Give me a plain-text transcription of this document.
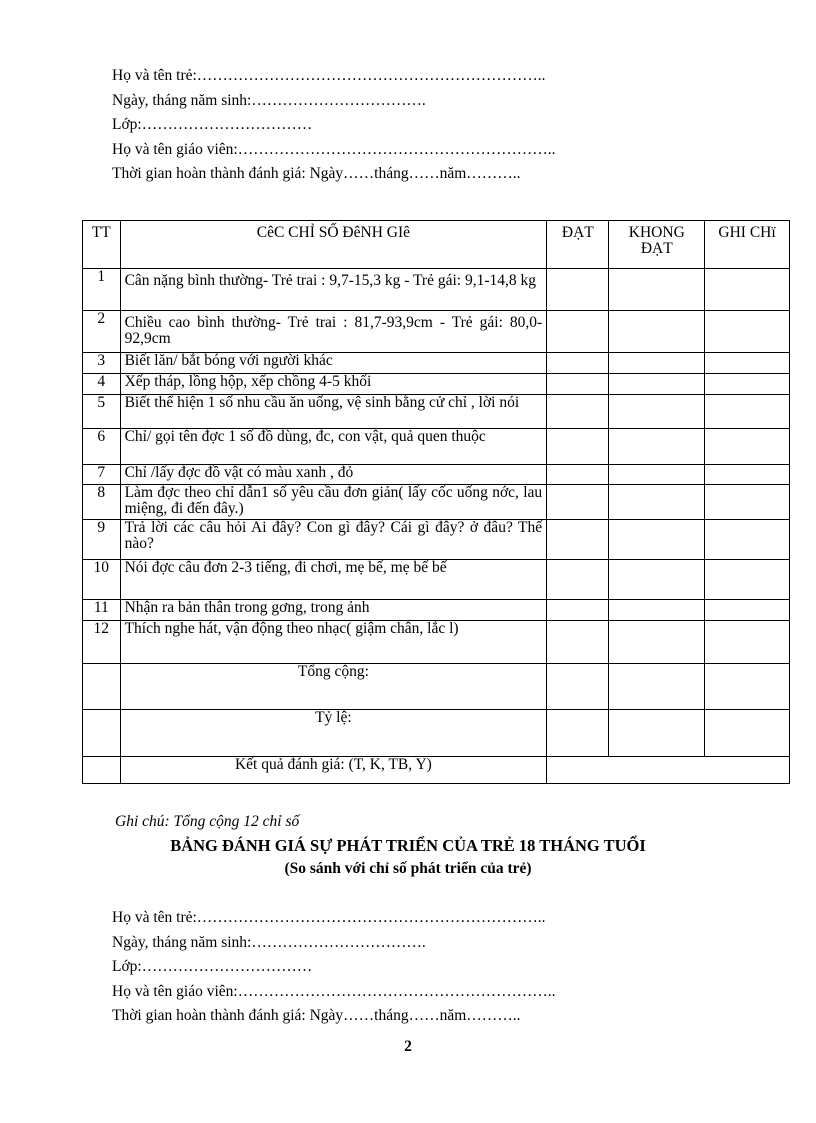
Họ và tên trẻ:…………………………………………………………..
Ngày, tháng năm sinh:…………………………….
Lớp:……………………………
Họ và tên giáo viên:……………………………………………………..
Thời gian hoàn thành đánh giá: Ngày……tháng……năm………..
TT	CêC CHỈ SỐ ĐêNH GIê	ĐẠT	KHONG ĐẠT	GHI CHï
1	Cân nặng bình thường- Trẻ trai : 9,7-15,3 kg - Trẻ gái: 9,1-14,8 kg			
2	Chiều cao bình thường- Trẻ trai : 81,7-93,9cm - Trẻ gái: 80,0-92,9cm			
3	Biết lăn/ bắt bóng với người khác			
4	Xếp tháp, lồng hộp, xếp chồng 4-5 khối			
5	Biết thể hiện 1 số nhu cầu ăn uống, vệ sinh bằng cử chỉ , lời nói			
6	Chỉ/ gọi tên đợc 1 số đồ dùng, đc, con vật, quả quen thuộc			
7	Chỉ /lấy đợc đồ vật có màu xanh , đỏ			
8	Làm đợc theo chỉ dẫn1 số yêu cầu đơn giản( lấy cốc uống nớc, lau miệng, đi đến đây.)			
9	Trả lời các câu hỏi Ai đây? Con gì đây? Cái gì đây? ở đâu? Thế nào?			
10	Nói đợc câu đơn 2-3 tiếng, đi chơi, mẹ bế, mẹ bế bế			
11	Nhận ra bản thân trong gơng, trong ảnh			
12	Thích nghe hát, vận động theo nhạc( giậm chân, lắc l)			
	Tổng cộng:			
	Tỷ lệ:			
	Kết quả đánh giá: (T, K, TB, Y)			
Ghi chú: Tổng cộng 12 chỉ số
BẢNG ĐÁNH GIÁ SỰ PHÁT TRIỂN CỦA TRẺ 18 THÁNG TUỔI
(So sánh với chỉ số phát triển của trẻ)
Họ và tên trẻ:…………………………………………………………..
Ngày, tháng năm sinh:…………………………….
Lớp:……………………………
Họ và tên giáo viên:……………………………………………………..
Thời gian hoàn thành đánh giá: Ngày……tháng……năm………..
2
